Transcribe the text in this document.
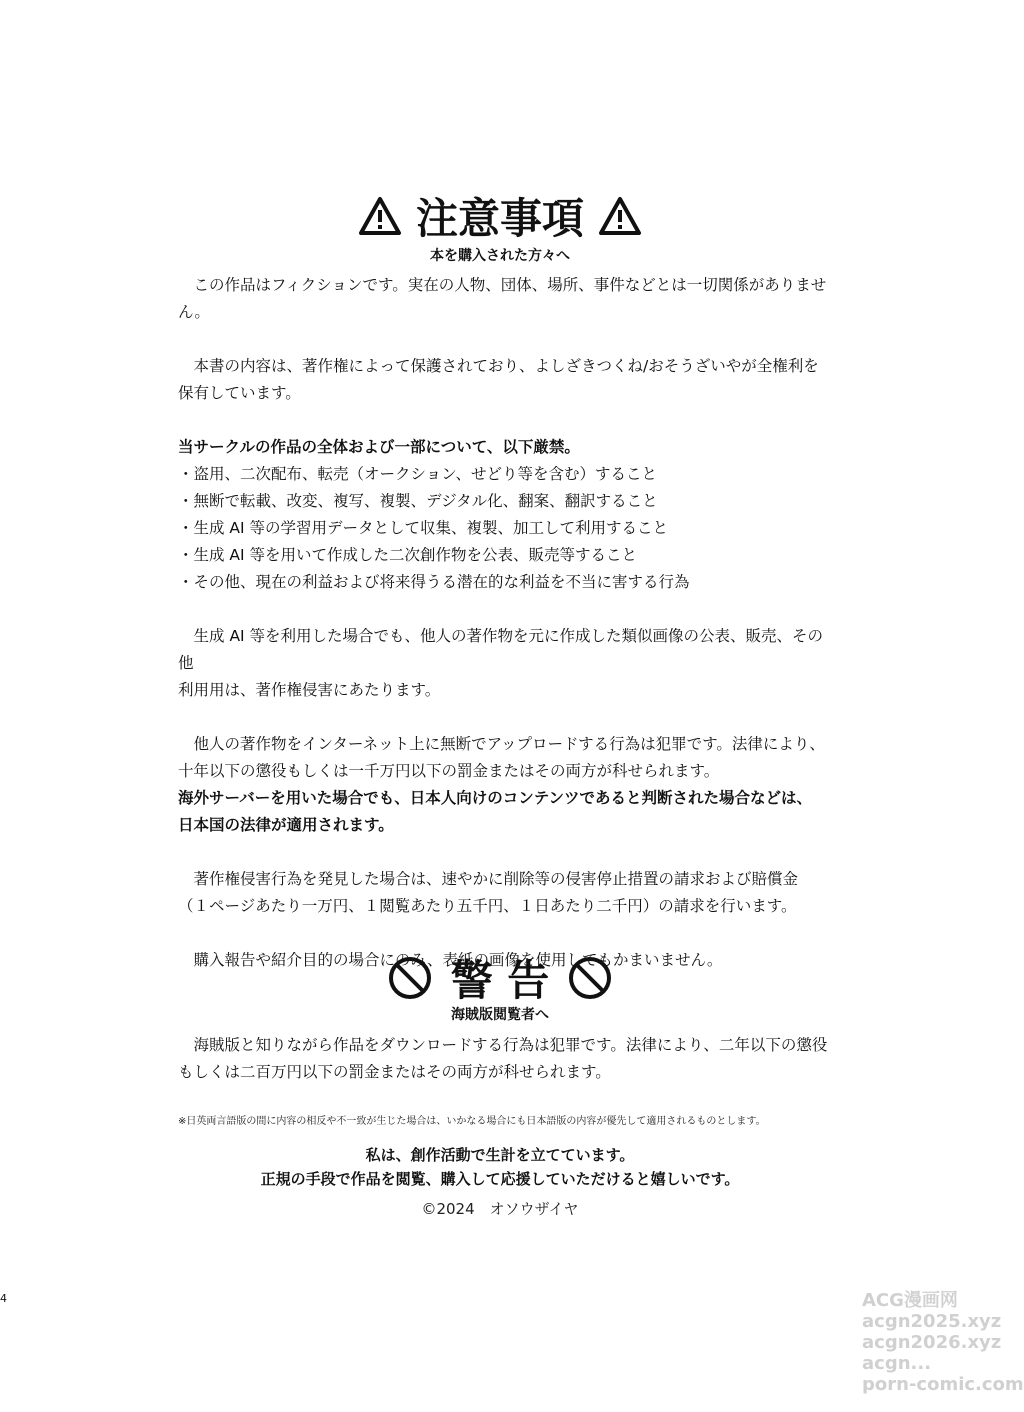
注意事項
本を購入された方々へ

この作品はフィクションです。実在の人物、団体、場所、事件などとは一切関係がありません。

本書の内容は、著作権によって保護されており、よしざきつくね/おそうざいやが全権利を

保有しています。

当サークルの作品の全体および一部について、以下厳禁。

・盗用、二次配布、転売（オークション、せどり等を含む）すること

・無断で転載、改変、複写、複製、デジタル化、翻案、翻訳すること

・生成 AI 等の学習用データとして収集、複製、加工して利用すること

・生成 AI 等を用いて作成した二次創作物を公表、販売等すること

・その他、現在の利益および将来得うる潜在的な利益を不当に害する行為

生成 AI 等を利用した場合でも、他人の著作物を元に作成した類似画像の公表、販売、その他

利用用は、著作権侵害にあたります。

他人の著作物をインターネット上に無断でアップロードする行為は犯罪です。法律により、

十年以下の懲役もしくは一千万円以下の罰金またはその両方が科せられます。

海外サーバーを用いた場合でも、日本人向けのコンテンツであると判断された場合などは、

日本国の法律が適用されます。

著作権侵害行為を発見した場合は、速やかに削除等の侵害停止措置の請求および賠償金

（１ページあたり一万円、１閲覧あたり五千円、１日あたり二千円）の請求を行います。

購入報告や紹介目的の場合にのみ、表紙の画像を使用してもかまいません。

警 告
海賊版閲覧者へ

海賊版と知りながら作品をダウンロードする行為は犯罪です。法律により、二年以下の懲役

もしくは二百万円以下の罰金またはその両方が科せられます。

※日英両言語版の間に内容の相反や不一致が生じた場合は、いかなる場合にも日本語版の内容が優先して適用されるものとします。
私は、創作活動で生計を立てています。
正規の手段で作品を閲覧、購入して応援していただけると嬉しいです。
©2024　オソウザイヤ
4	ACG漫画网
acgn2025.xyz
acgn2026.xyz
acgn...
porn-comic.com
